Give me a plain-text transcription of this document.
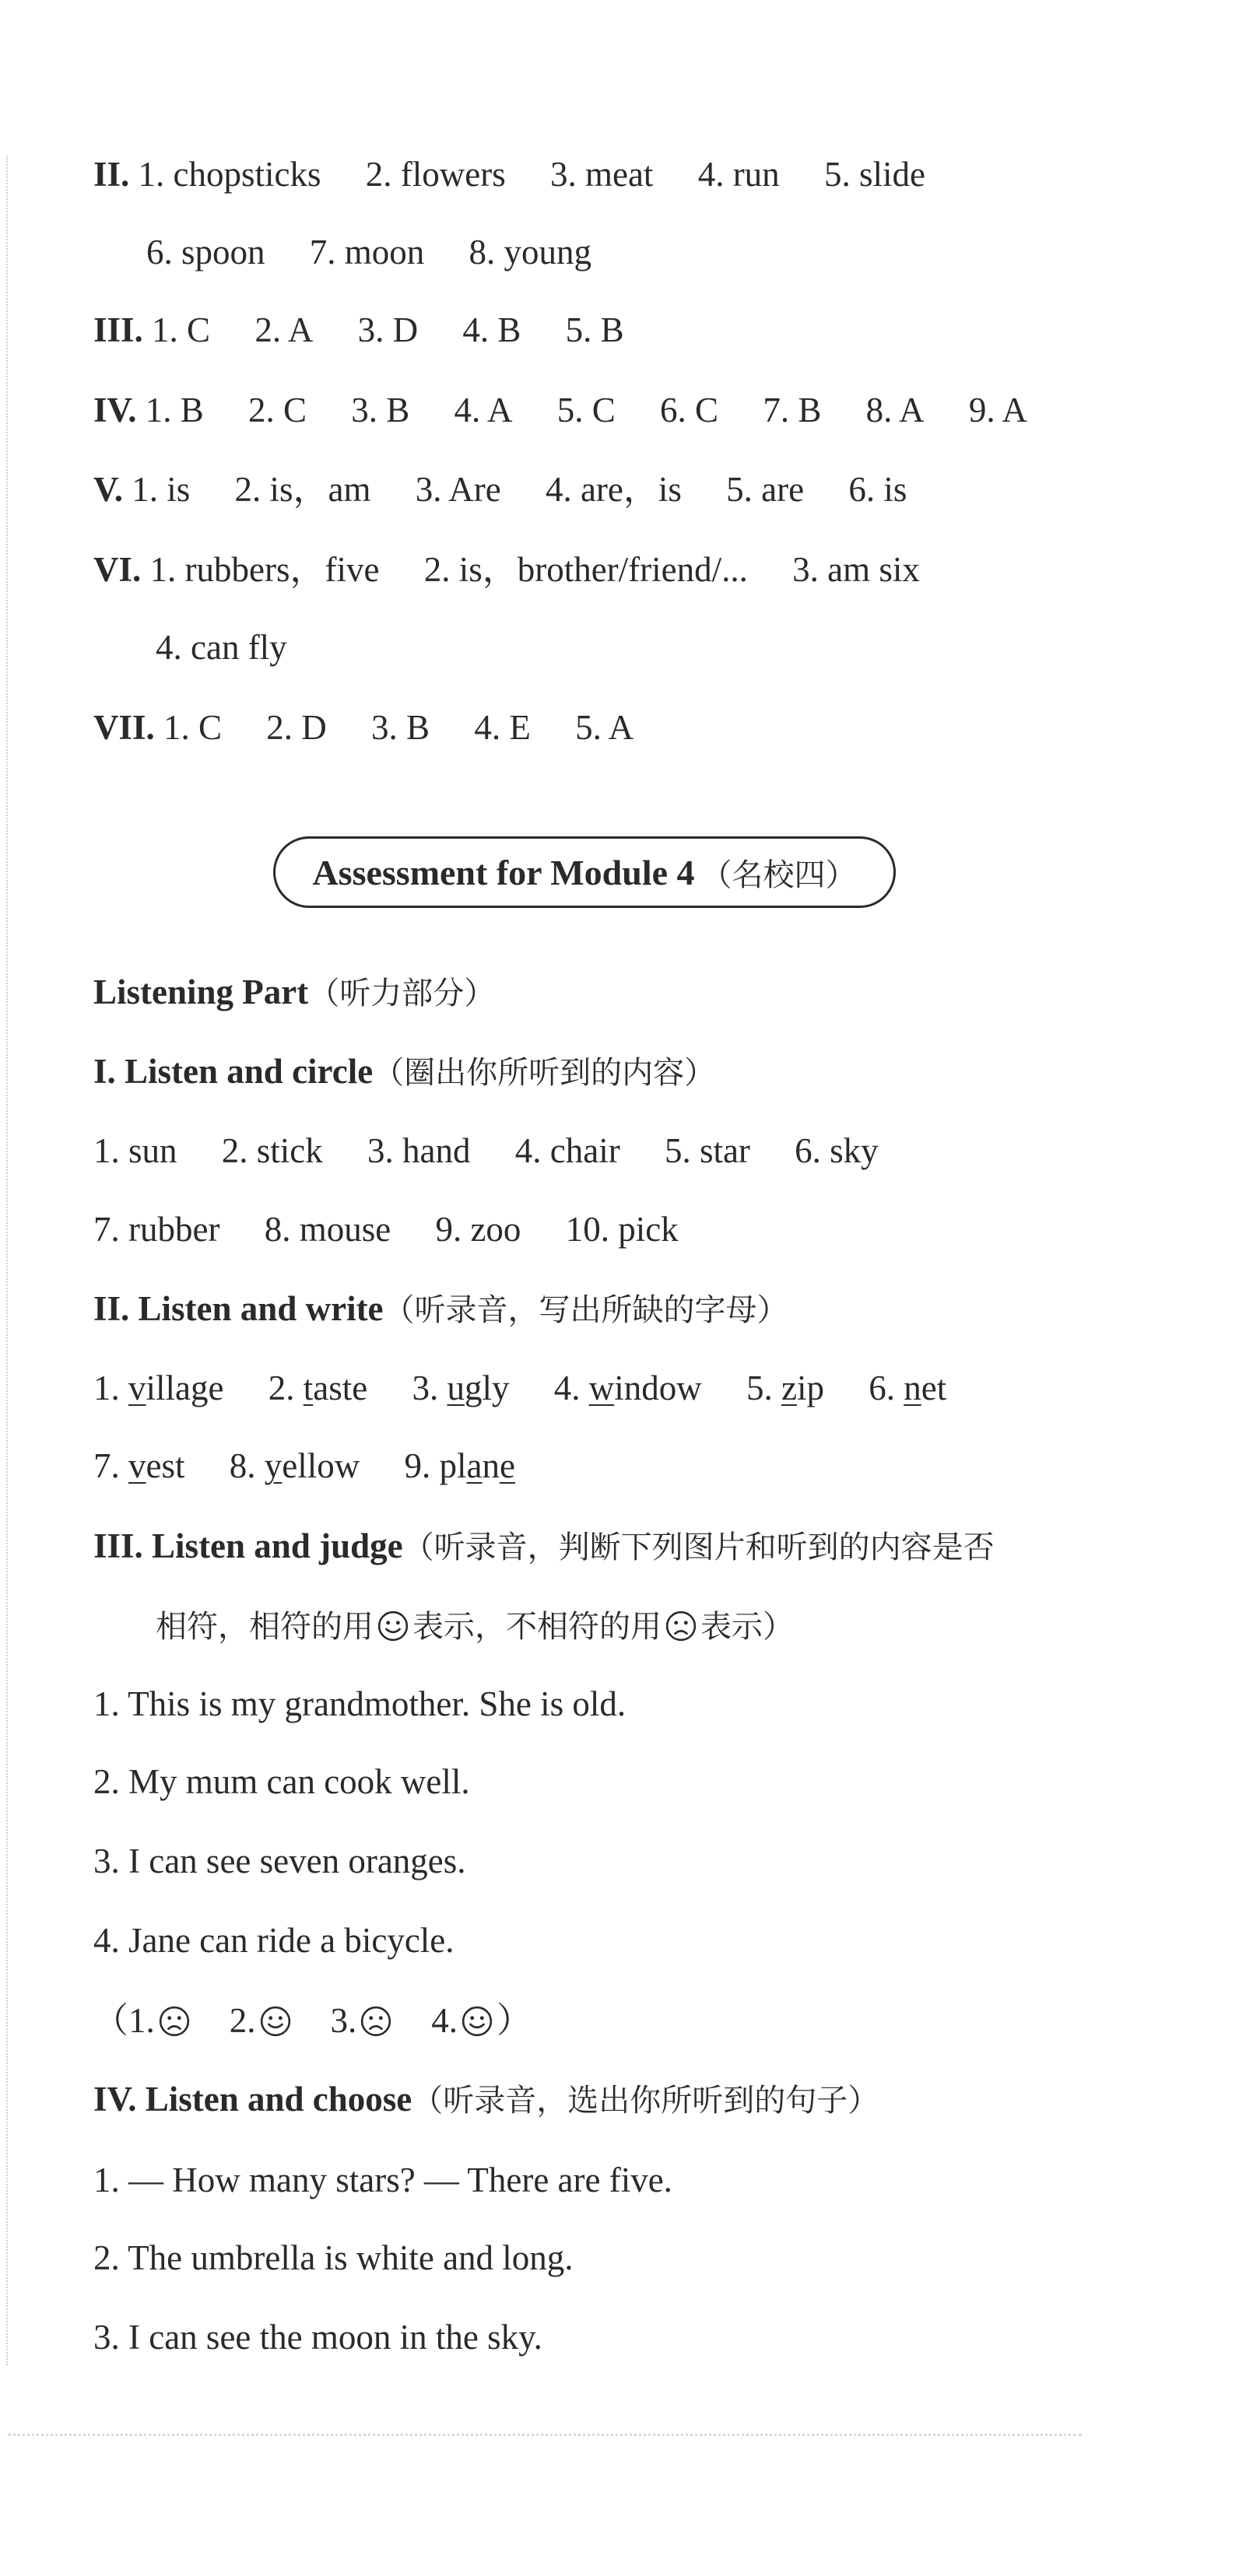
II. 1. chopsticks 2. flowers 3. meat 4. run 5. slide
6. spoon 7. moon 8. young
III. 1. C 2. A 3. D 4. B 5. B
IV. 1. B 2. C 3. B 4. A 5. C 6. C 7. B 8. A 9. A
V. 1. is 2. is，am 3. Are 4. are，is 5. are 6. is
VI. 1. rubbers，five 2. is，brother/friend/... 3. am six
4. can fly
VII. 1. C 2. D 3. B 4. E 5. A
Assessment for Module 4 （名校四）
Listening Part（听力部分）
I. Listen and circle（圈出你所听到的内容）
1. sun 2. stick 3. hand 4. chair 5. star 6. sky
7. rubber 8. mouse 9. zoo 10. pick
II. Listen and write（听录音，写出所缺的字母）
1. village 2. taste 3. ugly 4. window 5. zip 6. net
7. vest 8. yellow 9. plane
III. Listen and judge（听录音，判断下列图片和听到的内容是否
相符，相符的用 表示，不相符的用 表示）
1. This is my grandmother. She is old.
2. My mum can cook well.
3. I can see seven oranges.
4. Jane can ride a bicycle.
（1. 2. 3. 4. ）
IV. Listen and choose（听录音，选出你所听到的句子）
1. — How many stars? — There are five.
2. The umbrella is white and long.
3. I can see the moon in the sky.
